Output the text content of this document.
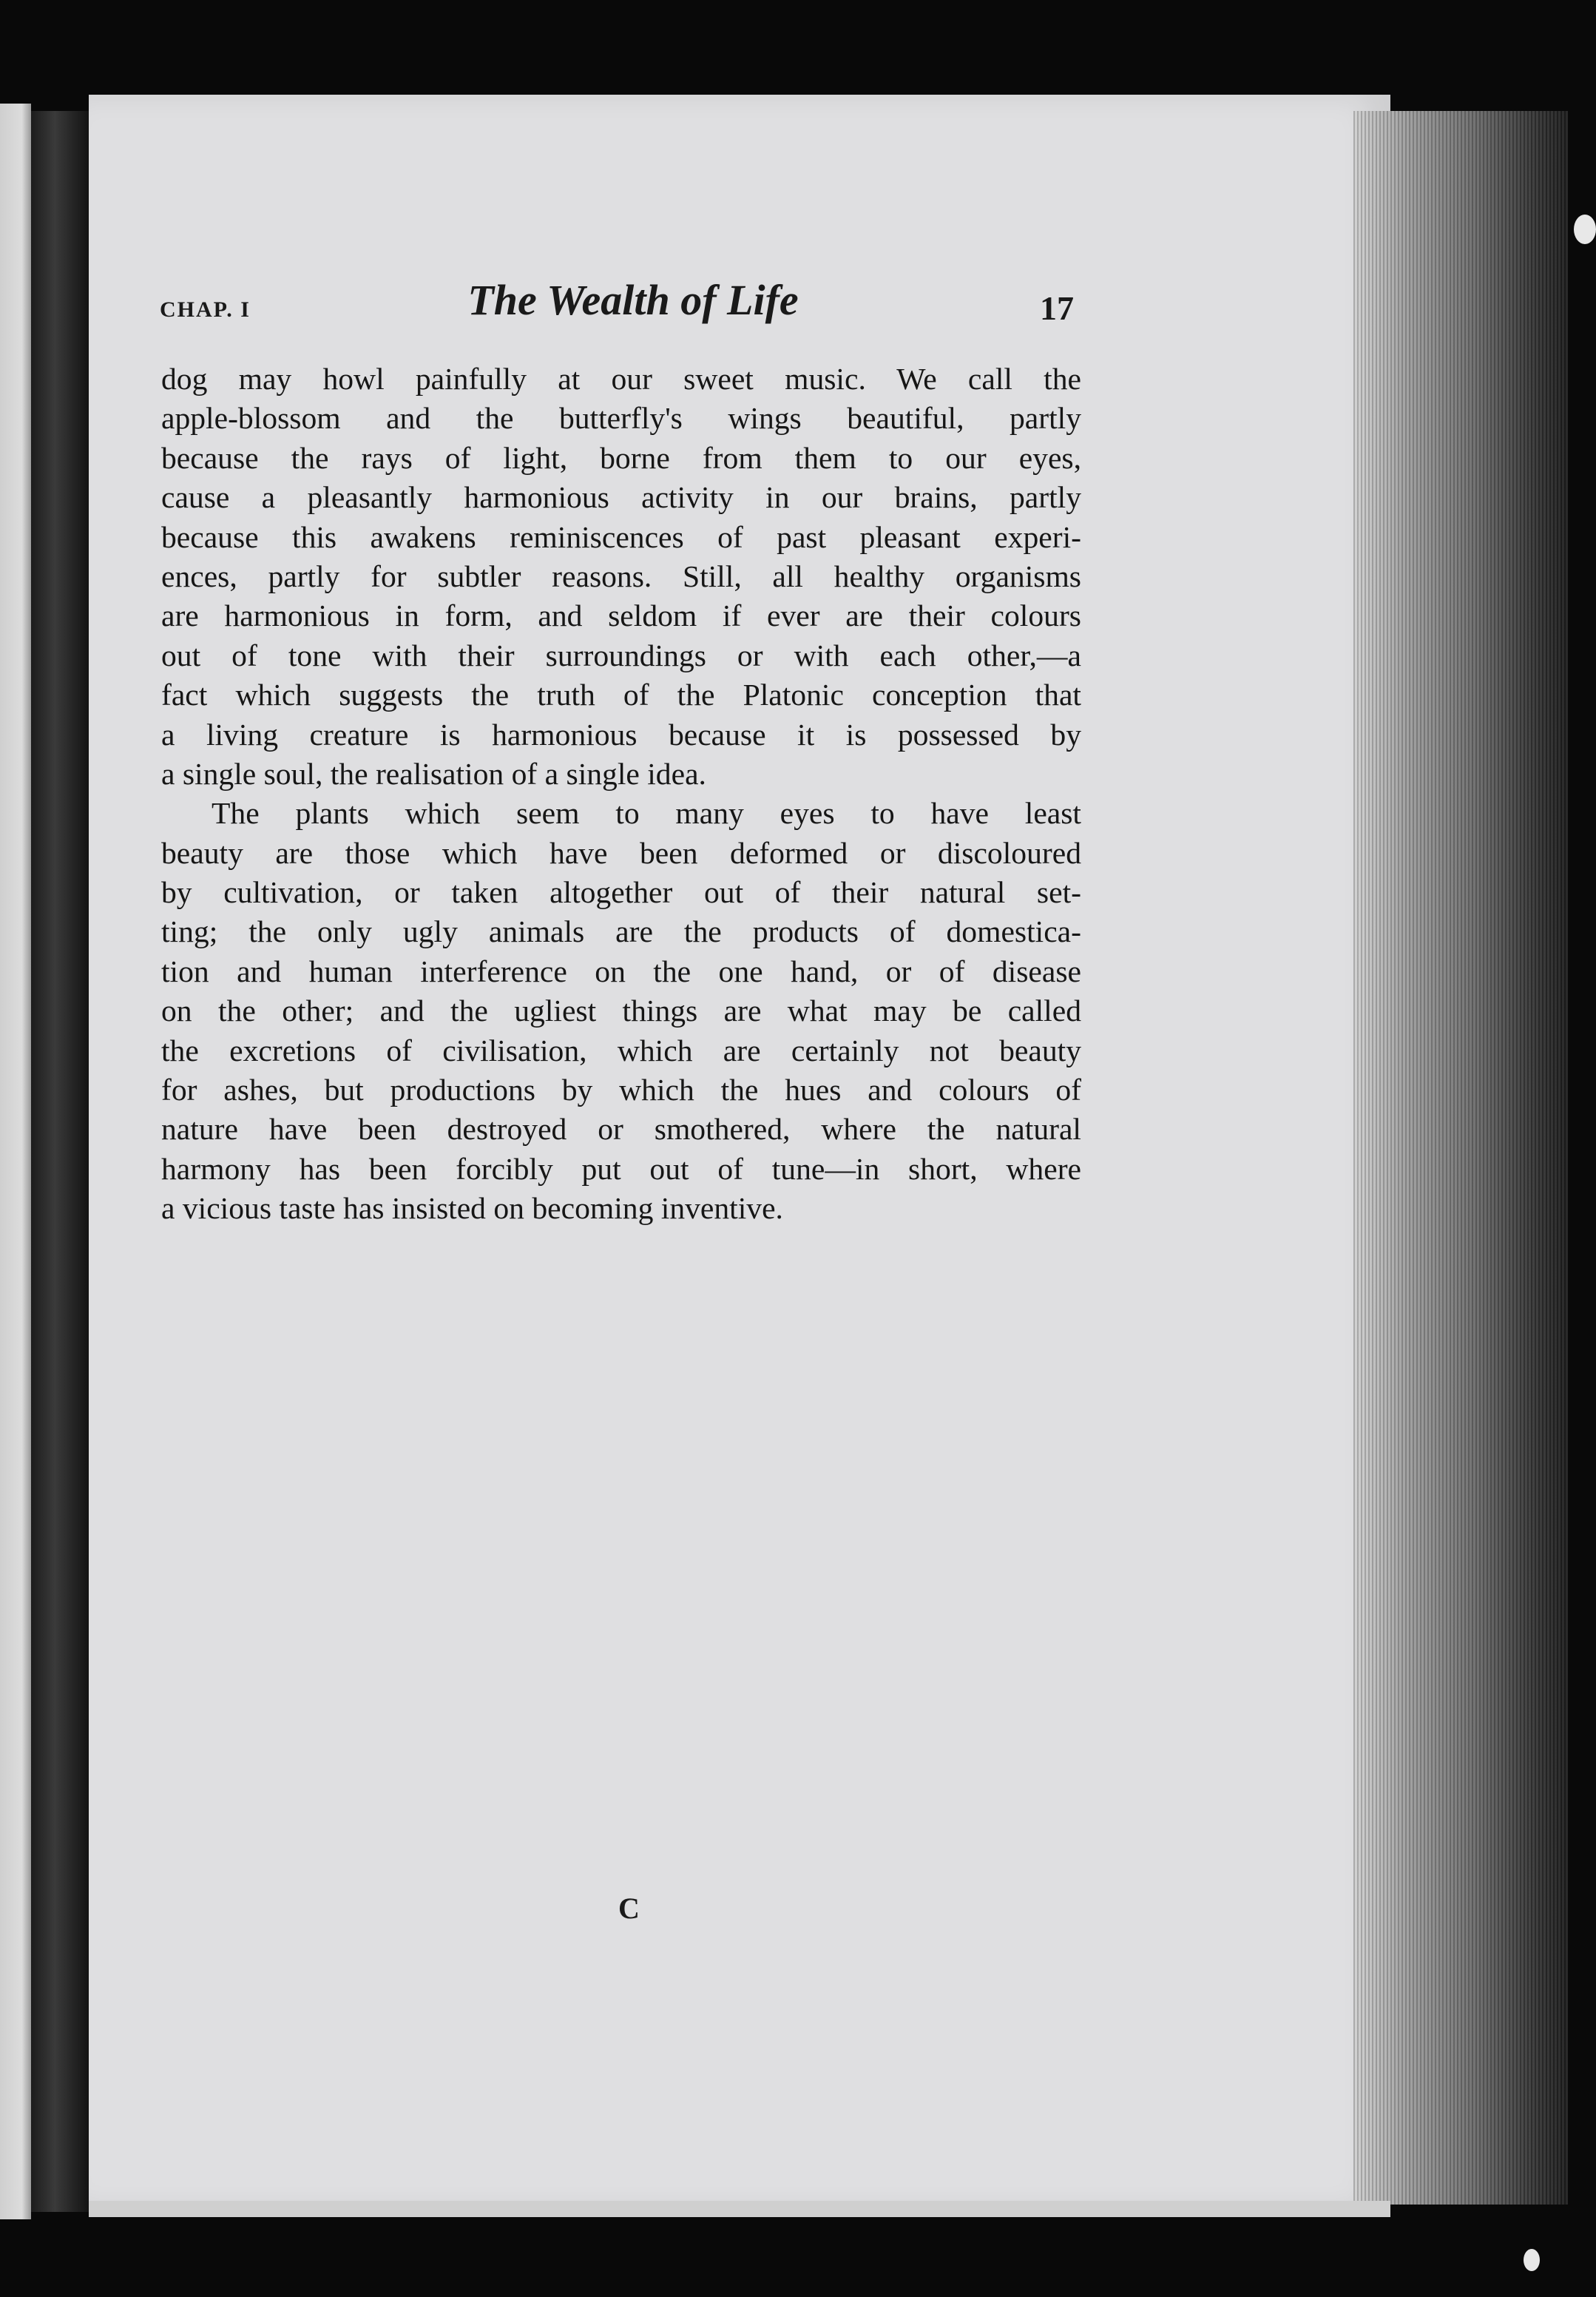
CHAP. I	The Wealth of Life	17
dog may howl painfully at our sweet music. We call the
apple-blossom and the butterfly's wings beautiful, partly
because the rays of light, borne from them to our eyes,
cause a pleasantly harmonious activity in our brains, partly
because this awakens reminiscences of past pleasant experi-
ences, partly for subtler reasons. Still, all healthy organisms
are harmonious in form, and seldom if ever are their colours
out of tone with their surroundings or with each other,—a
fact which suggests the truth of the Platonic conception that
a living creature is harmonious because it is possessed by
a single soul, the realisation of a single idea.
The plants which seem to many eyes to have least
beauty are those which have been deformed or discoloured
by cultivation, or taken altogether out of their natural set-
ting; the only ugly animals are the products of domestica-
tion and human interference on the one hand, or of disease
on the other; and the ugliest things are what may be called
the excretions of civilisation, which are certainly not beauty
for ashes, but productions by which the hues and colours of
nature have been destroyed or smothered, where the natural
harmony has been forcibly put out of tune—in short, where
a vicious taste has insisted on becoming inventive.
C
